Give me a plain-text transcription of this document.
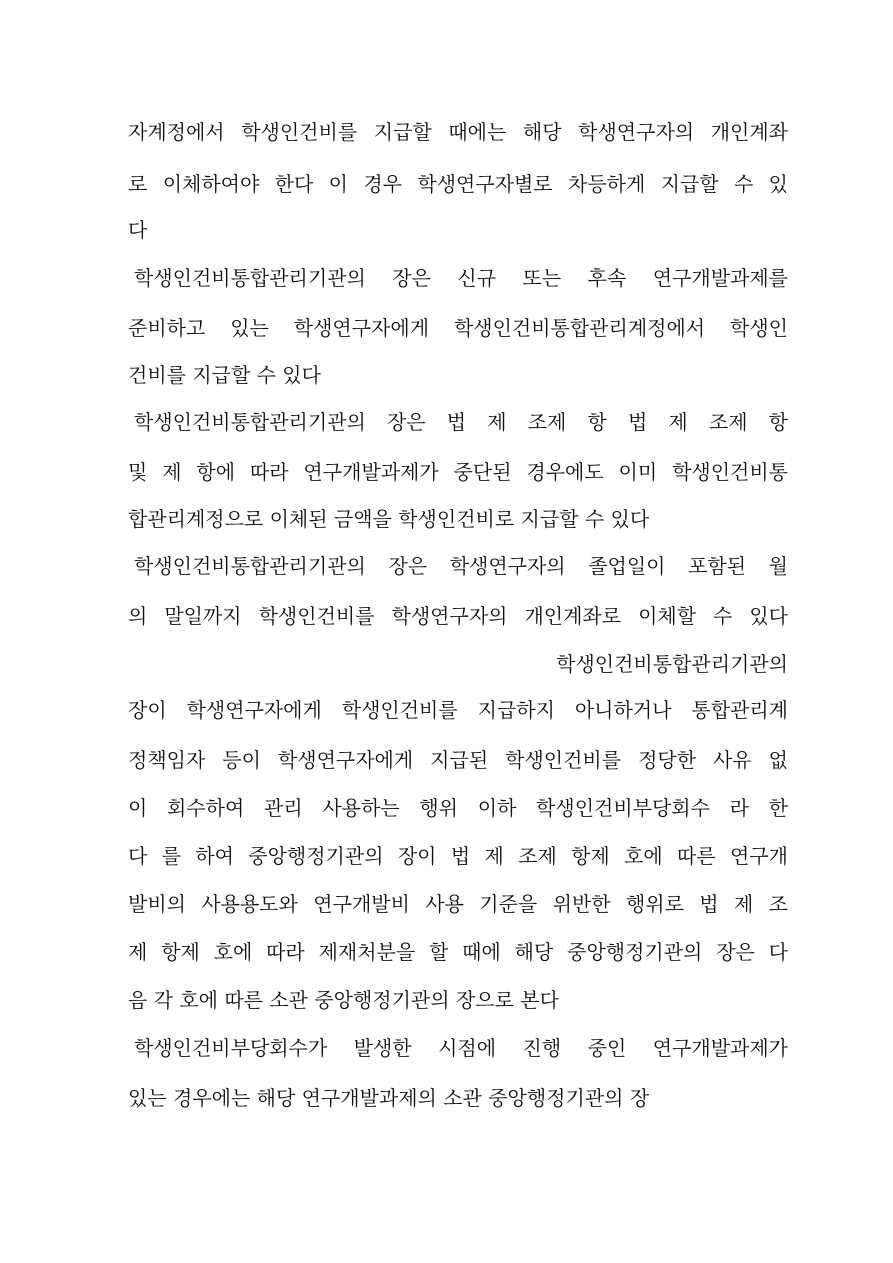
자계정에서 학생인건비를 지급할 때에는 해당 학생연구자의 개인계좌
로 이체하여야 한다 이 경우 학생연구자별로 차등하게 지급할 수 있
다
학생인건비통합관리기관의 장은 신규 또는 후속 연구개발과제를
준비하고 있는 학생연구자에게 학생인건비통합관리계정에서 학생인
건비를 지급할 수 있다
학생인건비통합관리기관의 장은 법 제 조제 항 법 제 조제 항
및 제 항에 따라 연구개발과제가 중단된 경우에도 이미 학생인건비통
합관리계정으로 이체된 금액을 학생인건비로 지급할 수 있다
학생인건비통합관리기관의 장은 학생연구자의 졸업일이 포함된 월
의 말일까지 학생인건비를 학생연구자의 개인계좌로 이체할 수 있다
학생인건비통합관리기관의
장이 학생연구자에게 학생인건비를 지급하지 아니하거나 통합관리계
정책임자 등이 학생연구자에게 지급된 학생인건비를 정당한 사유 없
이 회수하여 관리 사용하는 행위 이하 학생인건비부당회수 라 한
다 를 하여 중앙행정기관의 장이 법 제 조제 항제 호에 따른 연구개
발비의 사용용도와 연구개발비 사용 기준을 위반한 행위로 법 제 조
제 항제 호에 따라 제재처분을 할 때에 해당 중앙행정기관의 장은 다
음 각 호에 따른 소관 중앙행정기관의 장으로 본다
학생인건비부당회수가 발생한 시점에 진행 중인 연구개발과제가
있는 경우에는 해당 연구개발과제의 소관 중앙행정기관의 장
